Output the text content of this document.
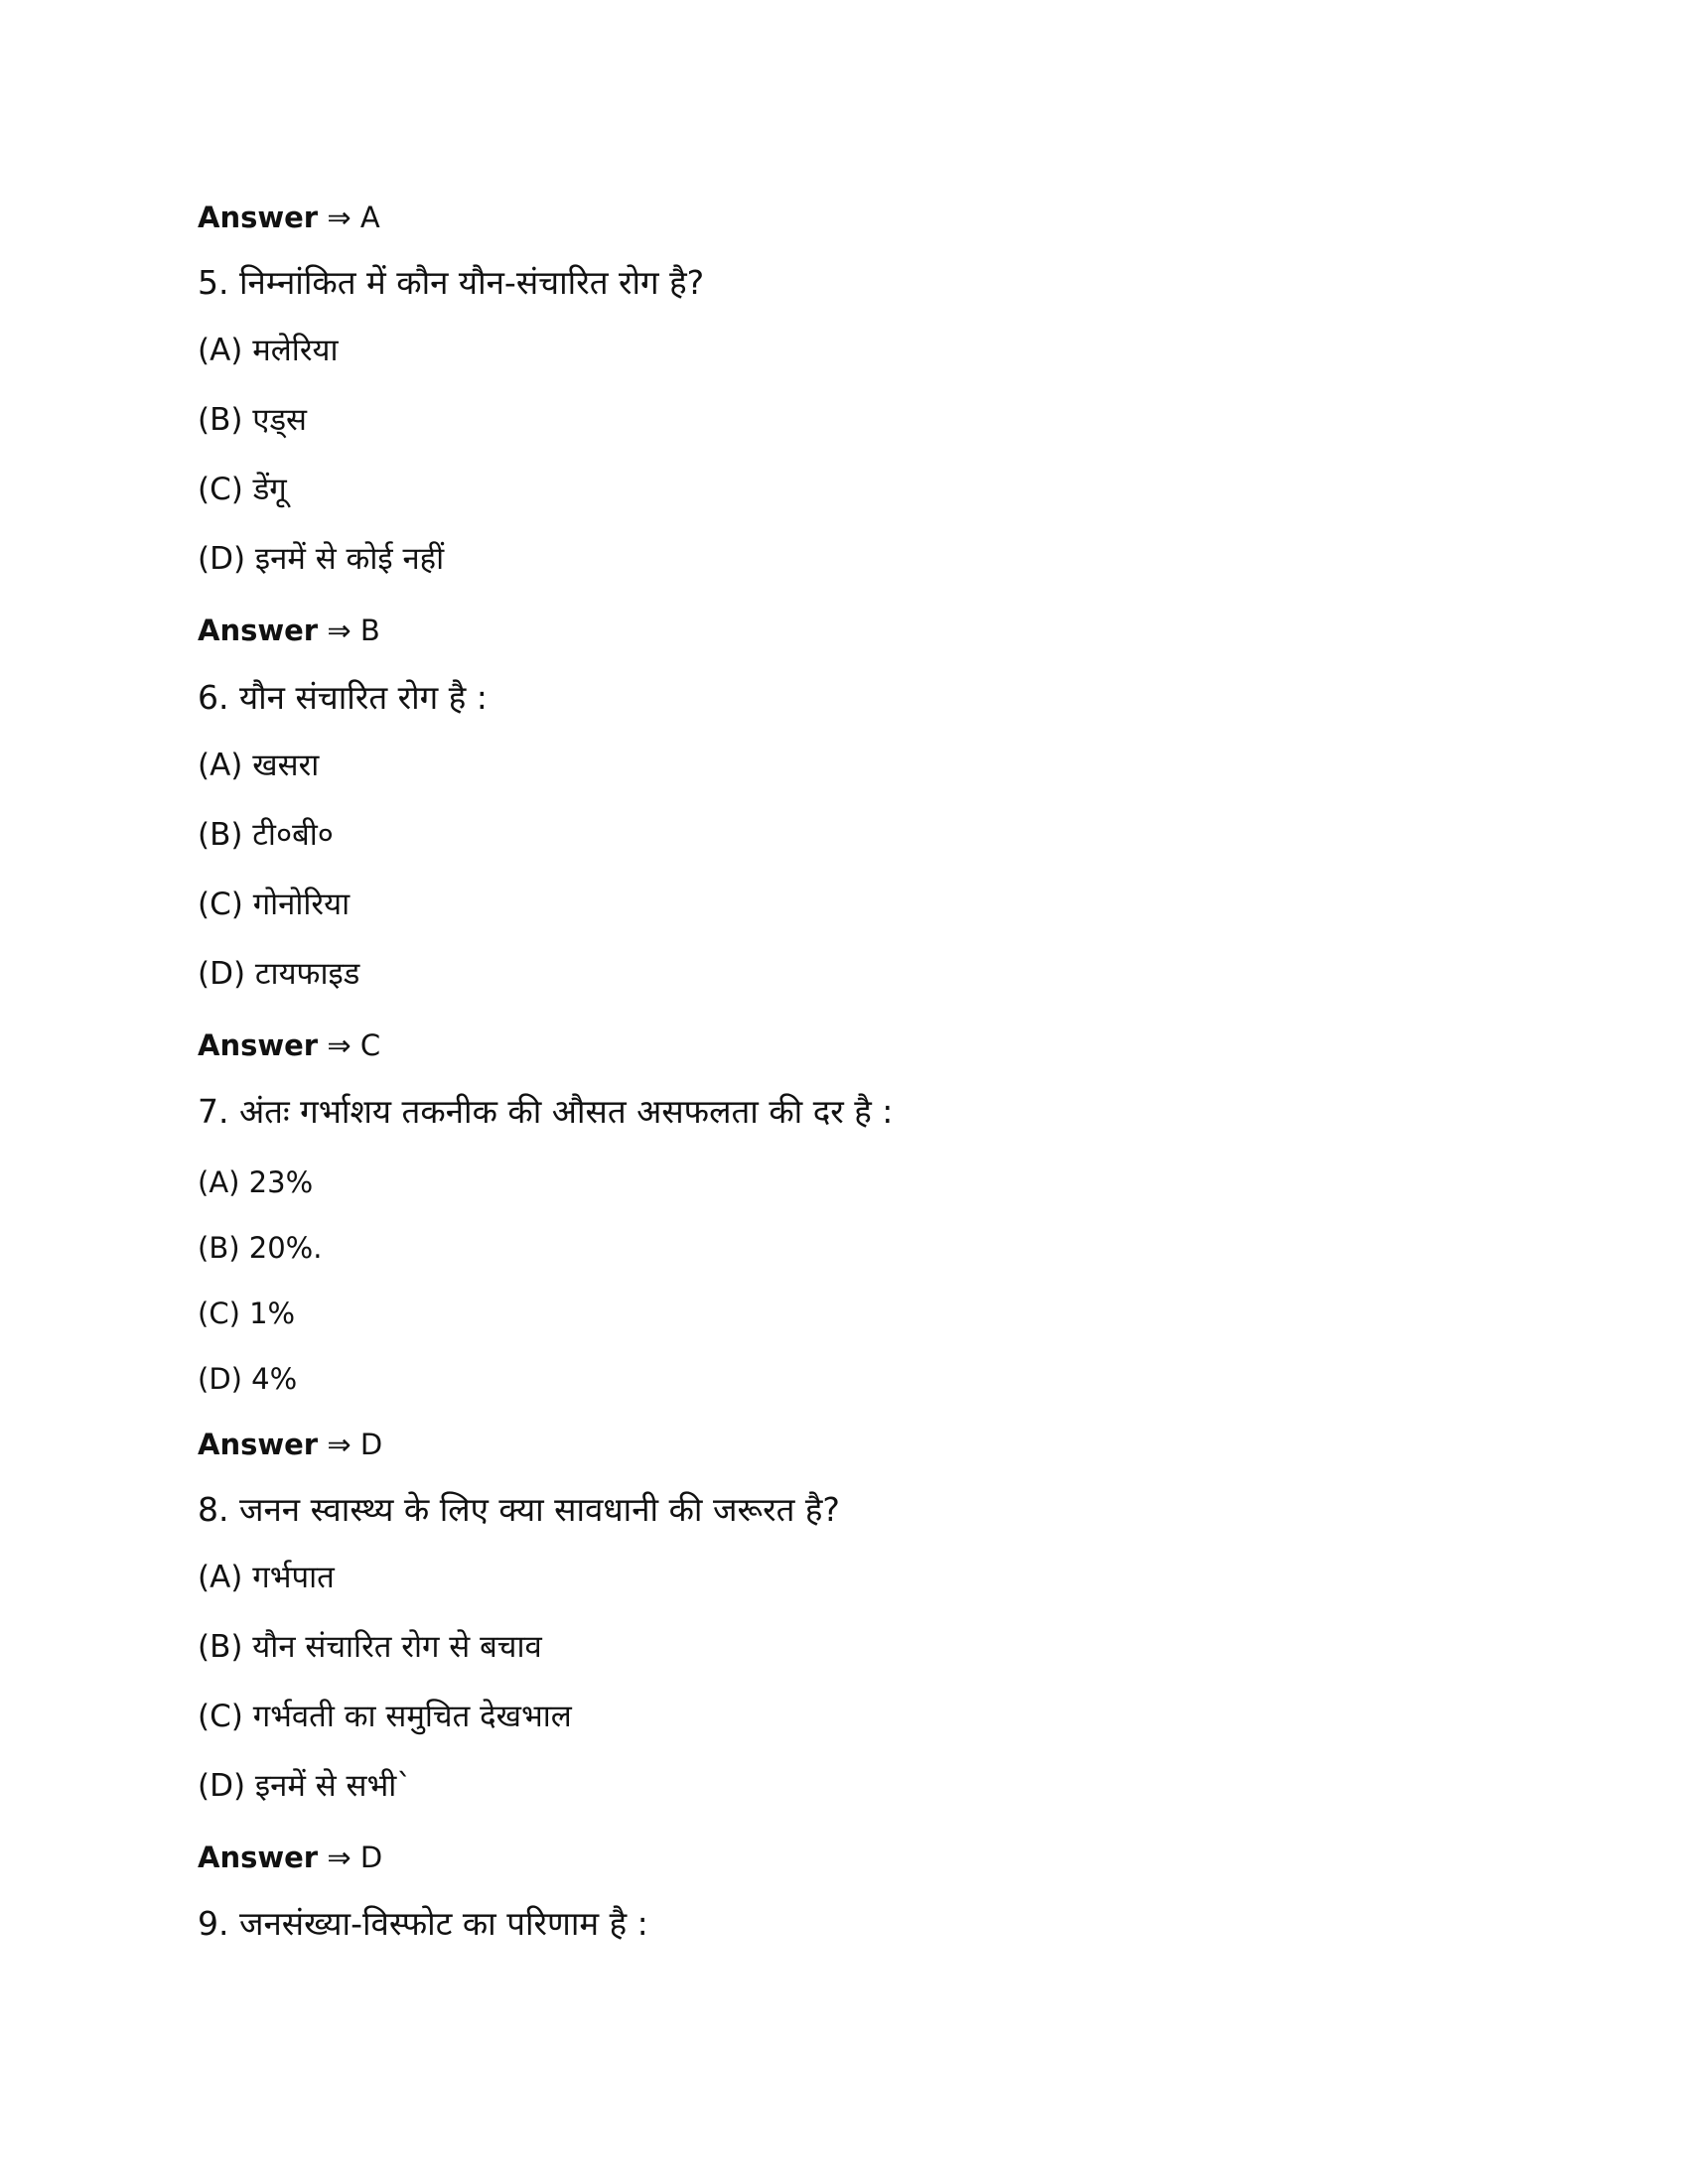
Answer ⇒ A
5. निम्नांकित में कौन यौन-संचारित रोग है?
(A) मलेरिया
(B) एड्स
(C) डेंगू
(D) इनमें से कोई नहीं
Answer ⇒ B
6. यौन संचारित रोग है :
(A) खसरा
(B) टी०बी०
(C) गोनोरिया
(D) टायफाइड
Answer ⇒ C
7. अंतः गर्भाशय तकनीक की औसत असफलता की दर है :
(A) 23%
(B) 20%.
(C) 1%
(D) 4%
Answer ⇒ D
8. जनन स्वास्थ्य के लिए क्या सावधानी की जरूरत है?
(A) गर्भपात
(B) यौन संचारित रोग से बचाव
(C) गर्भवती का समुचित देखभाल
(D) इनमें से सभी`
Answer ⇒ D
9. जनसंख्या-विस्फोट का परिणाम है :
